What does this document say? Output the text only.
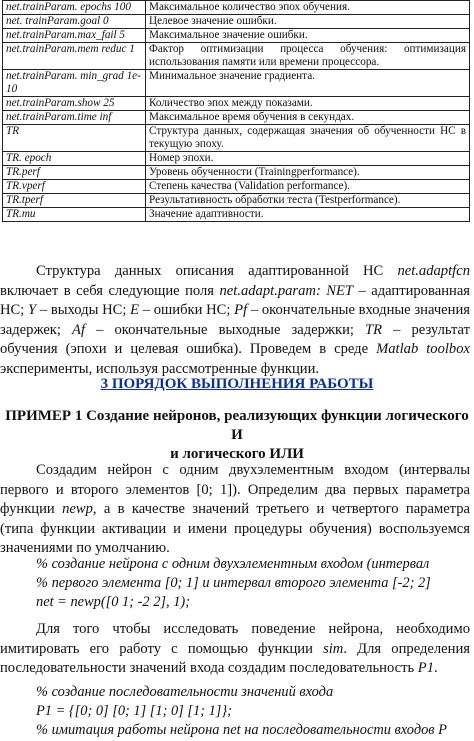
net.trainParam. epochs 100	Максимальное количество эпох обучения.
net. trainParam.goal 0	Целевое значение ошибки.
net.trainParam.max_fail 5	Максимальное значение ошибки.
net.trainParam.mem reduc 1	Фактор оптимизации процесса обучения: оптимизация использования памяти или времени процессора.
net.trainParam. min_grad 1e-10	Минимальное значение градиента.
net.trainParam.show 25	Количество эпох между показами.
net.trainParam.time inf	Максимальное время обучения в секундах.
TR	Структура данных, содержащая значения об обученности НС в текущую эпоху.
TR. epoch	Номер эпохи.
TR.perf	Уровень обученности (Trainingperformance).
TR.vperf	Степень качества (Validation performance).
TR.tperf	Результативность обработки теста (Testperformance).
TR.mu	Значение адаптивности.

Структура данных описания адаптированной НС net.adaptfcn включает в себя следующие поля net.adapt.param: NET – адаптированная НС; Y – выходы НС; E – ошибки НС; Pf – окончательные входные значения задержек; Af – окончательные выходные задержки; TR – результат обучения (эпохи и целевая ошибка). Проведем в среде Matlab toolbox эксперименты, используя рассмотренные функции.

3 ПОРЯДОК ВЫПОЛНЕНИЯ РАБОТЫ
ПРИМЕР 1 Создание нейронов, реализующих функции логического И
и логического ИЛИ

Создадим нейрон с одним двухэлементным входом (интервалы первого и второго элементов [0; 1]). Определим два первых параметра функции newp, а в качестве значений третьего и четвертого параметра (типа функции активации и имени процедуры обучения) воспользуемся значениями по умолчанию.

% создание нейрона с одним двухэлементным входом (интервал
% первого элемента [0; 1] и интервал второго элемента [-2; 2]
net = newp([0 1; -2 2], 1);

Для того чтобы исследовать поведение нейрона, необходимо имитировать его работу с помощью функции sim. Для определения последовательности значений входа создадим последовательность P1.

% создание последовательности значений входа
P1 = {[0; 0] [0; 1] [1; 0] [1; 1]};
% имитация работы нейрона net на последовательности входов P
